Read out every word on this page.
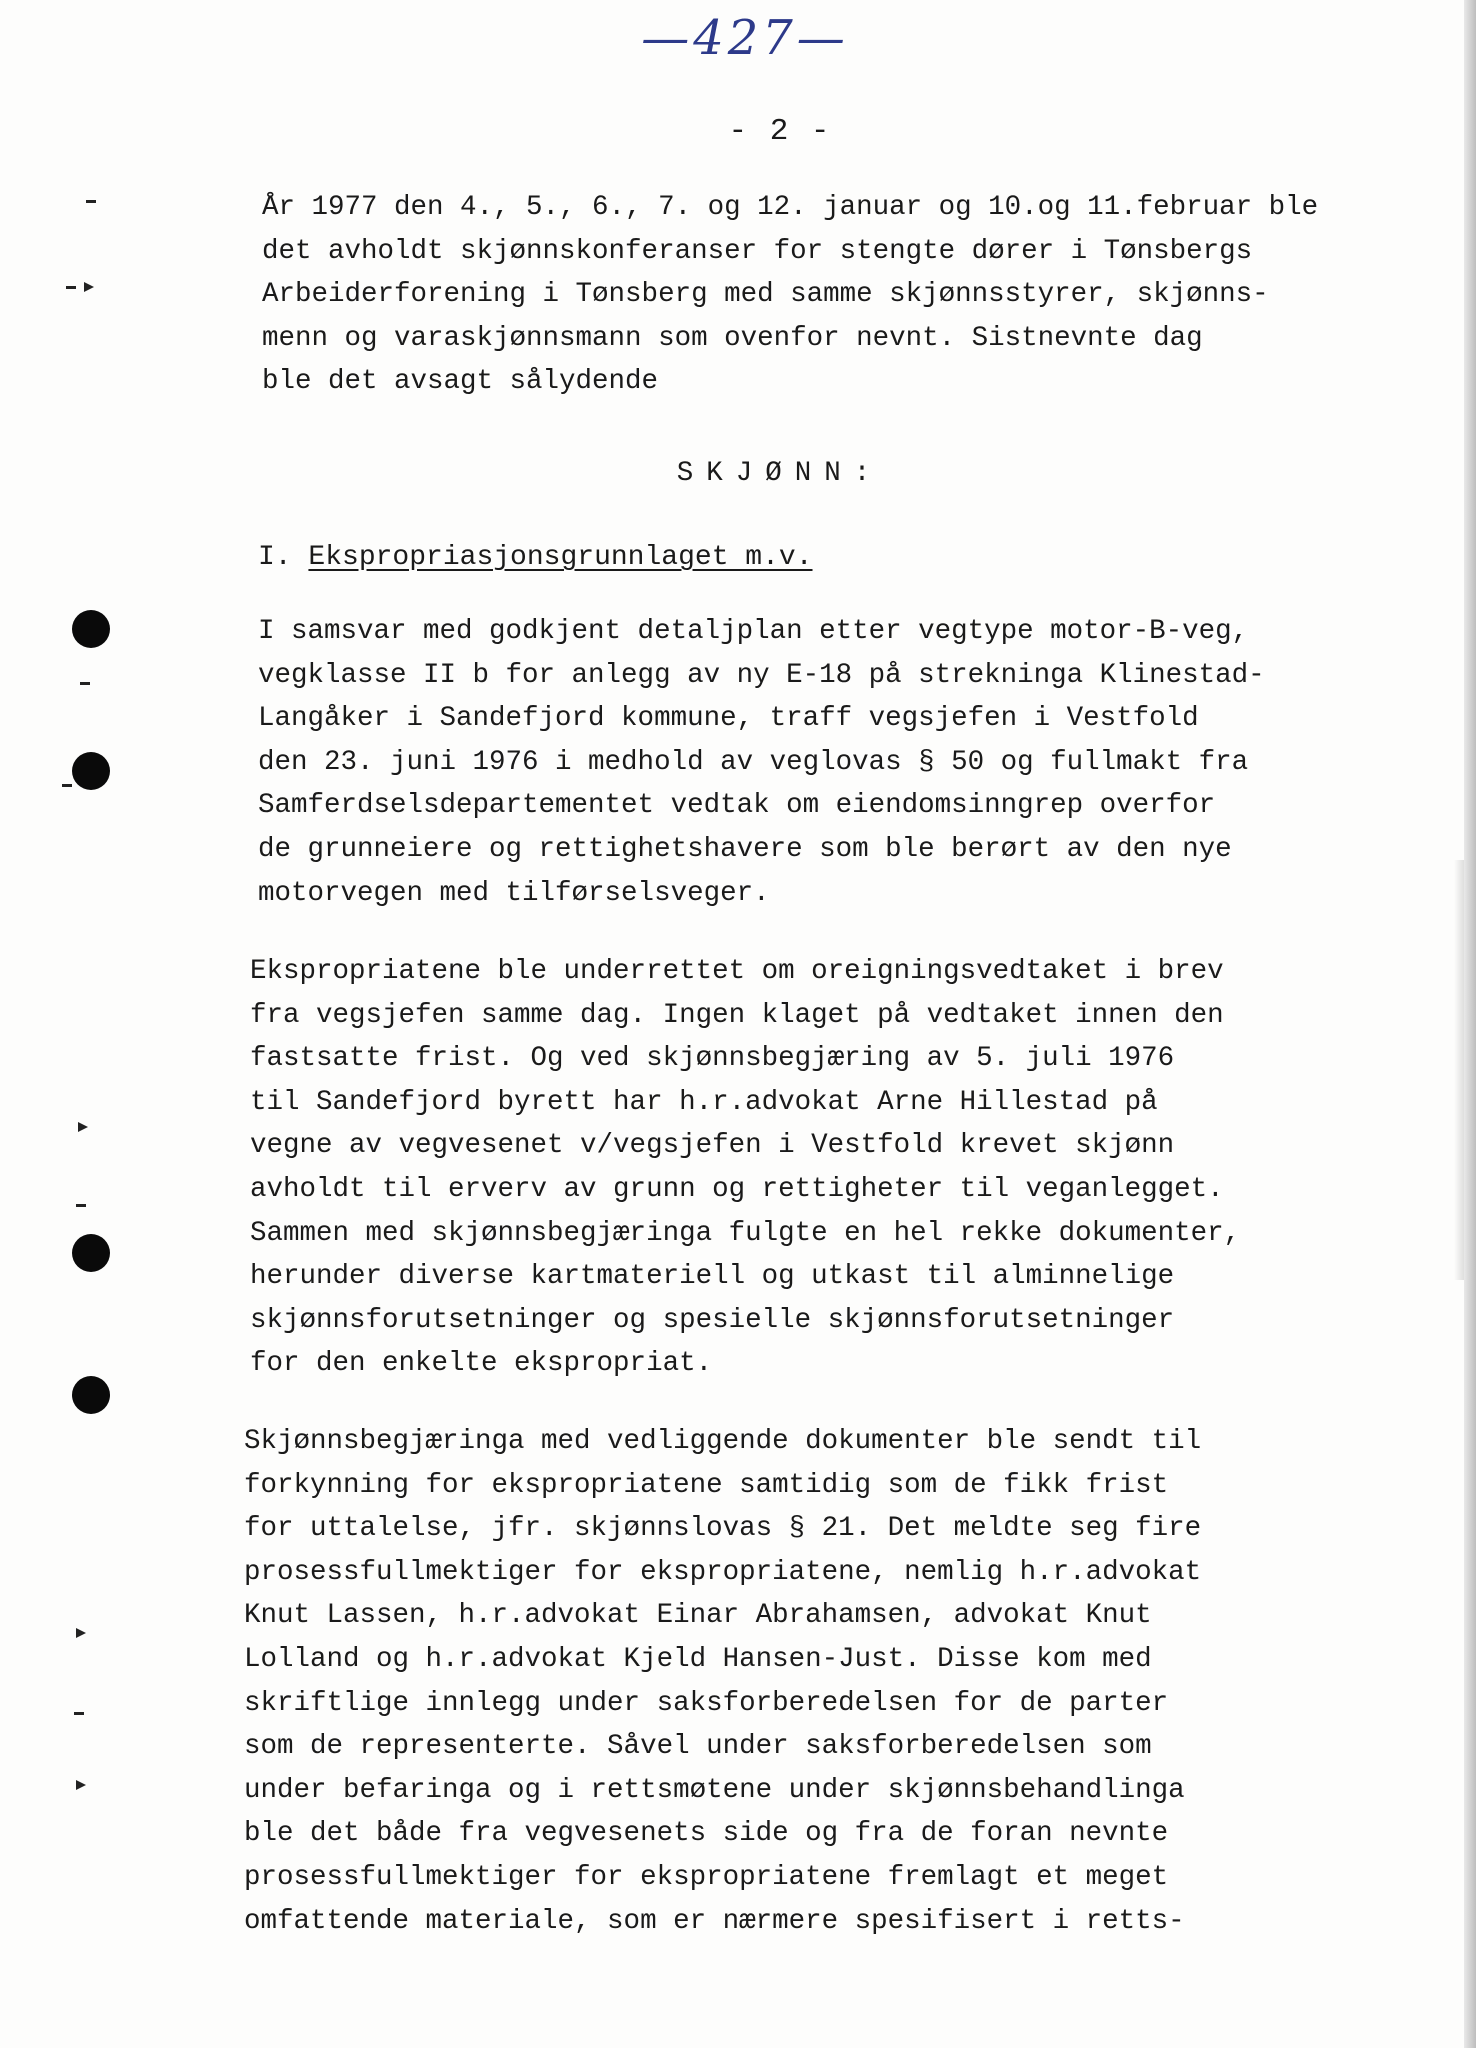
—427—
- 2 -

År 1977 den 4., 5., 6., 7. og 12. januar og 10.og 11.februar ble
det avholdt skjønnskonferanser for stengte dører i Tønsbergs
Arbeiderforening i Tønsberg med samme skjønnsstyrer, skjønns-
menn og varaskjønnsmann som ovenfor nevnt. Sistnevnte dag
ble det avsagt sålydende

SKJØNN:
I. Ekspropriasjonsgrunnlaget m.v.

I samsvar med godkjent detaljplan etter vegtype motor-B-veg,
vegklasse II b for anlegg av ny E-18 på strekninga Klinestad-
Langåker i Sandefjord kommune, traff vegsjefen i Vestfold
den 23. juni 1976 i medhold av veglovas § 50 og fullmakt fra
Samferdselsdepartementet vedtak om eiendomsinngrep overfor
de grunneiere og rettighetshavere som ble berørt av den nye
motorvegen med tilførselsveger.

Ekspropriatene ble underrettet om oreigningsvedtaket i brev
fra vegsjefen samme dag. Ingen klaget på vedtaket innen den
fastsatte frist. Og ved skjønnsbegjæring av 5. juli 1976
til Sandefjord byrett har h.r.advokat Arne Hillestad på
vegne av vegvesenet v/vegsjefen i Vestfold krevet skjønn
avholdt til erverv av grunn og rettigheter til veganlegget.
Sammen med skjønnsbegjæringa fulgte en hel rekke dokumenter,
herunder diverse kartmateriell og utkast til alminnelige
skjønnsforutsetninger og spesielle skjønnsforutsetninger
for den enkelte ekspropriat.

Skjønnsbegjæringa med vedliggende dokumenter ble sendt til
forkynning for ekspropriatene samtidig som de fikk frist
for uttalelse, jfr. skjønnslovas § 21. Det meldte seg fire
prosessfullmektiger for ekspropriatene, nemlig h.r.advokat
Knut Lassen, h.r.advokat Einar Abrahamsen, advokat Knut
Lolland og h.r.advokat Kjeld Hansen-Just. Disse kom med
skriftlige innlegg under saksforberedelsen for de parter
som de representerte. Såvel under saksforberedelsen som
under befaringa og i rettsmøtene under skjønnsbehandlinga
ble det både fra vegvesenets side og fra de foran nevnte
prosessfullmektiger for ekspropriatene fremlagt et meget
omfattende materiale, som er nærmere spesifisert i retts-
